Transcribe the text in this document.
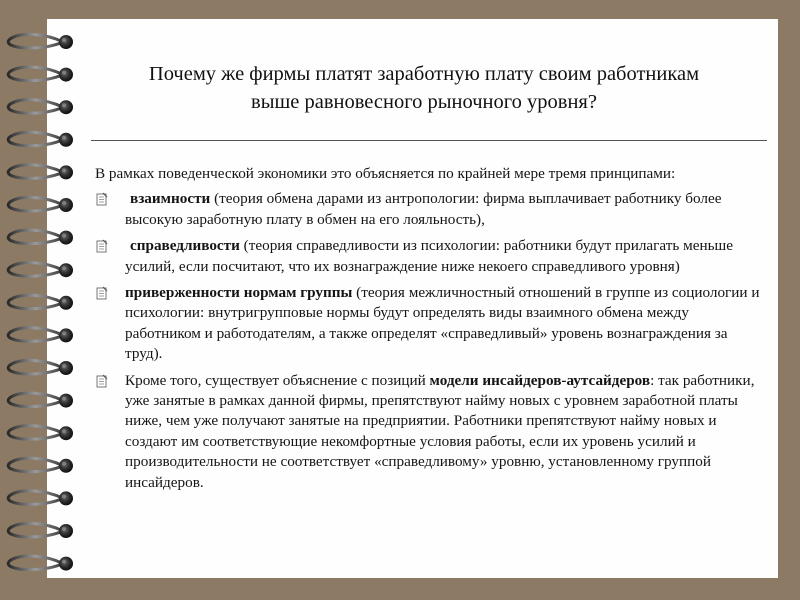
Почему же фирмы платят заработную плату своим работникам
выше равновесного рыночного уровня?

В рамках поведенческой экономики это объясняется по крайней мере тремя принципами:

взаимности (теория обмена дарами из антропологии: фирма выплачивает работнику более высокую заработную плату в обмен на его лояльность),
справедливости (теория справедливости из психологии: работники будут прилагать меньше усилий, если посчитают, что их вознаграждение ниже некоего справедливого уровня)
приверженности нормам группы (теория межличностный отношений в группе из социологии и психологии: внутригрупповые нормы будут определять виды взаимного обмена между работником и работодателям, а также определят «справедливый» уровень вознаграждения за труд).
Кроме того, существует объяснение с позиций модели инсайдеров-аутсайдеров: так работники, уже занятые в рамках данной фирмы, препятствуют найму новых с уровнем заработной платы ниже, чем уже получают занятые на предприятии. Работники препятствуют найму новых и создают им соответствующие некомфортные условия работы, если их уровень усилий и производительности не соответствует «справедливому» уровню, установленному группой инсайдеров.
